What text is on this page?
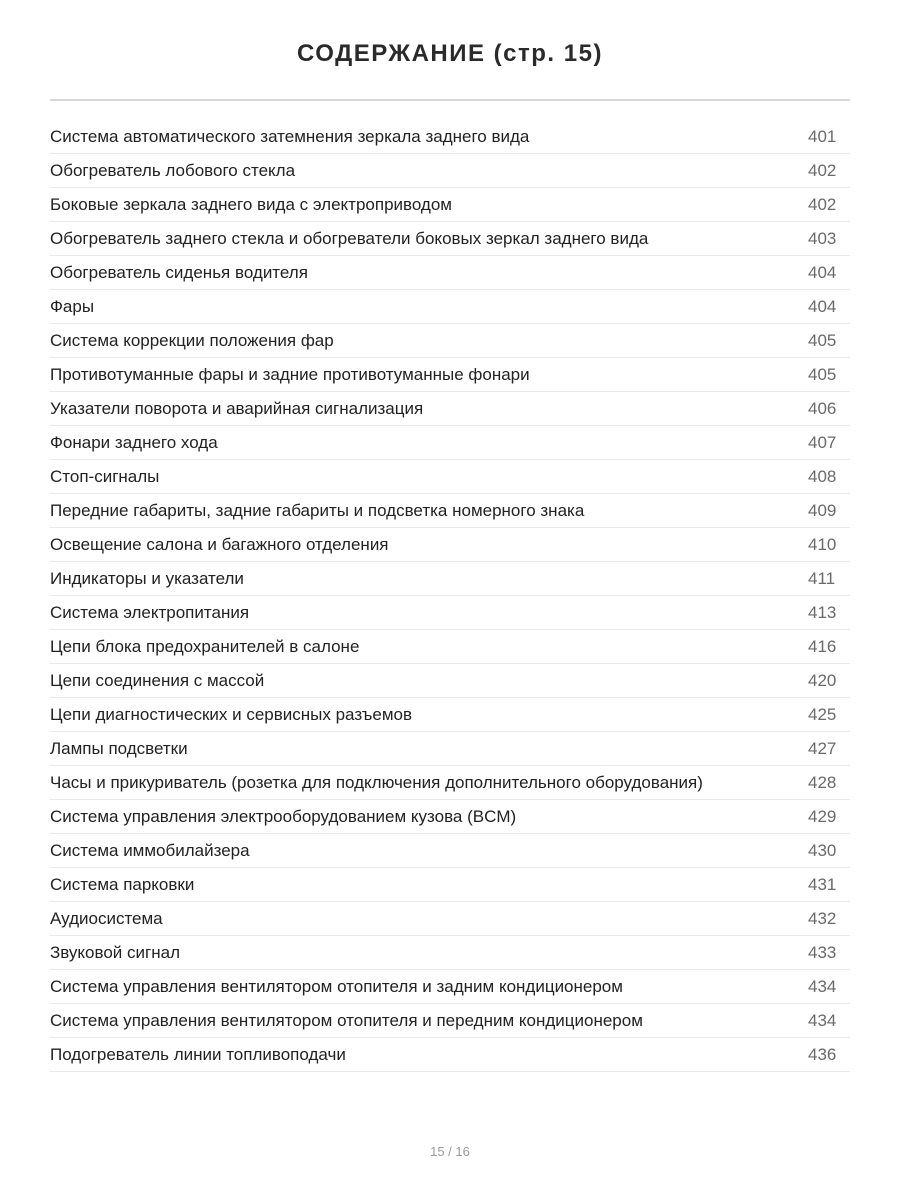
СОДЕРЖАНИЕ (стр. 15)
Система автоматического затемнения зеркала заднего вида	401
Обогреватель лобового стекла	402
Боковые зеркала заднего вида с электроприводом	402
Обогреватель заднего стекла и обогреватели боковых зеркал заднего вида	403
Обогреватель сиденья водителя	404
Фары	404
Система коррекции положения фар	405
Противотуманные фары и задние противотуманные фонари	405
Указатели поворота и аварийная сигнализация	406
Фонари заднего хода	407
Стоп-сигналы	408
Передние габариты, задние габариты и подсветка номерного знака	409
Освещение салона и багажного отделения	410
Индикаторы и указатели	411
Система электропитания	413
Цепи блока предохранителей в салоне	416
Цепи соединения с массой	420
Цепи диагностических и сервисных разъемов	425
Лампы подсветки	427
Часы и прикуриватель (розетка для подключения дополнительного оборудования)	428
Система управления электрооборудованием кузова (BCM)	429
Система иммобилайзера	430
Система парковки	431
Аудиосистема	432
Звуковой сигнал	433
Система управления вентилятором отопителя и задним кондиционером	434
Система управления вентилятором отопителя и передним кондиционером	434
Подогреватель линии топливоподачи	436
15 / 16
